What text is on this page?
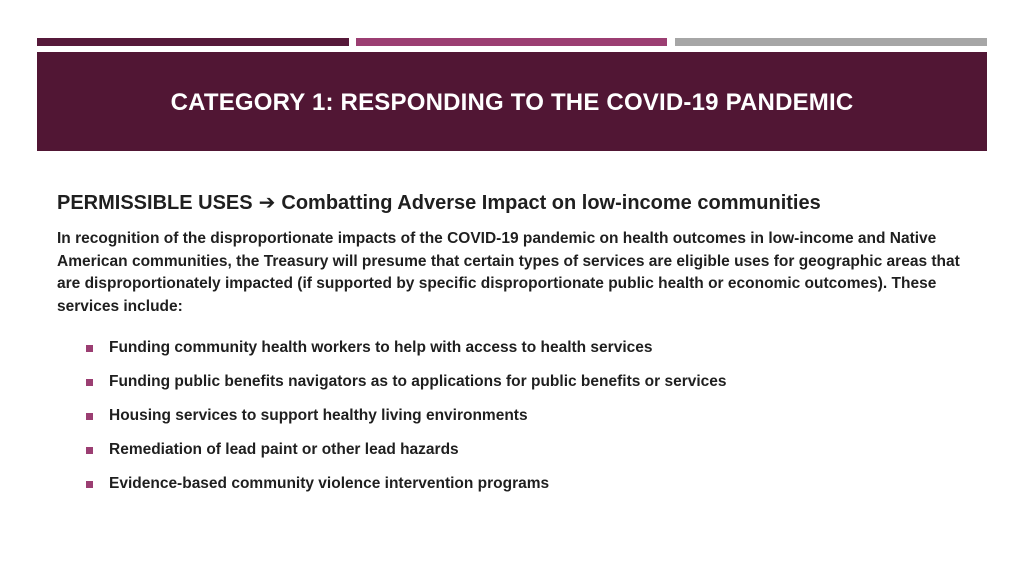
CATEGORY 1: RESPONDING TO THE COVID-19 PANDEMIC
PERMISSIBLE USES ➔ Combatting Adverse Impact on low-income communities
In recognition of the disproportionate impacts of the COVID-19 pandemic on health outcomes in low-income and Native American communities, the Treasury will presume that certain types of services are eligible uses for geographic areas that are disproportionately impacted (if supported by specific disproportionate public health or economic outcomes). These services include:
Funding community health workers to help with access to health services
Funding public benefits navigators as to applications for public benefits or services
Housing services to support healthy living environments
Remediation of lead paint or other lead hazards
Evidence-based community violence intervention programs
